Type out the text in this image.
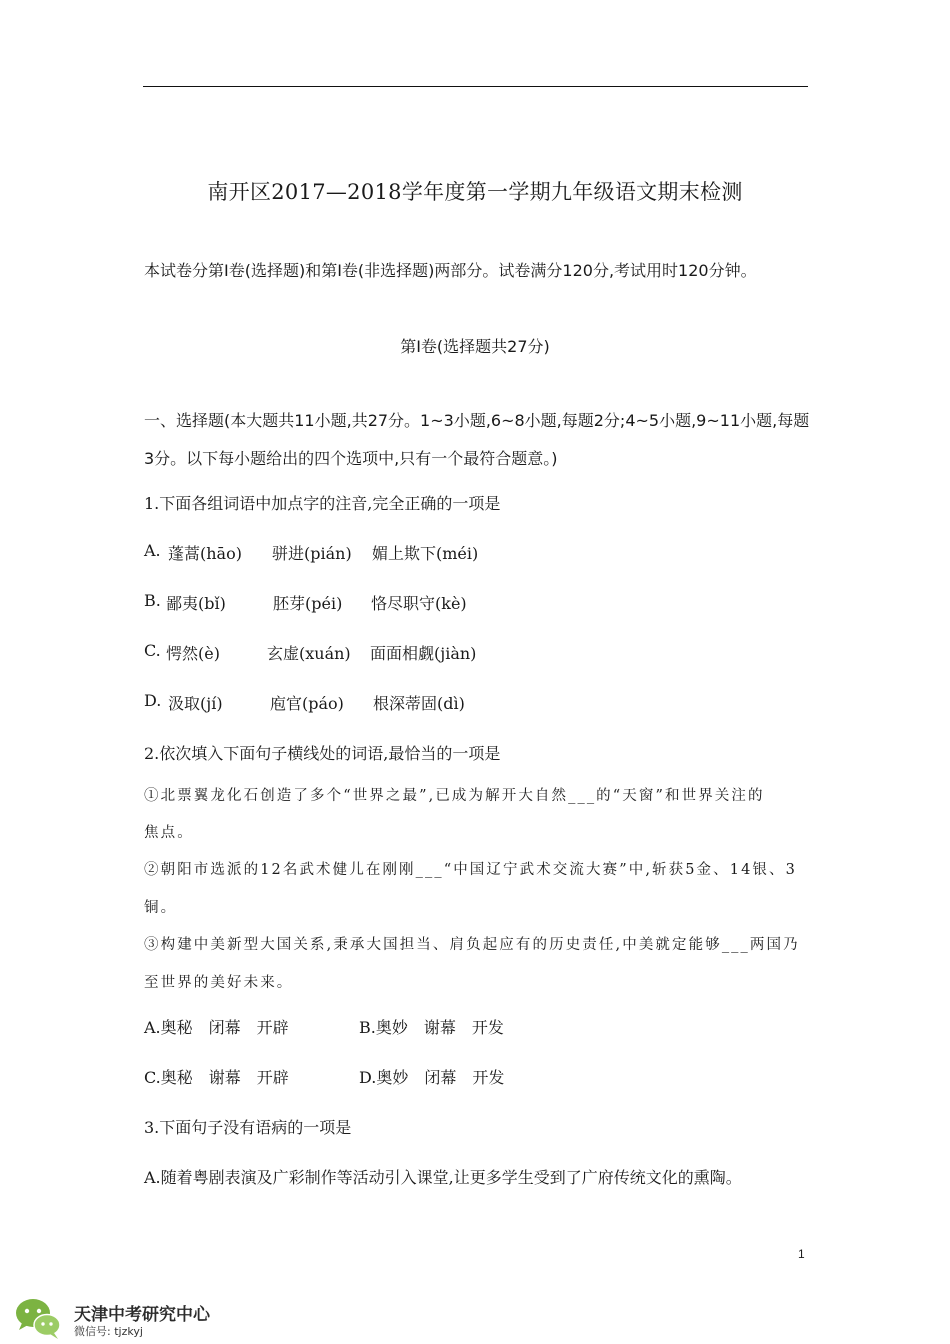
南开区2017—2018学年度第一学期九年级语文期末检测
本试卷分第Ⅰ卷(选择题)和第Ⅰ卷(非选择题)两部分。试卷满分120分,考试用时120分钟。
第Ⅰ卷(选择题共27分)
一、选择题(本大题共11小题,共27分。1~3小题,6~8小题,每题2分;4~5小题,9~11小题,每题
3分。以下每小题给出的四个选项中,只有一个最符合题意。)
1.下面各组词语中加点字的注音,完全正确的一项是
A. 蓬蒿(hāo) 骈进(pián) 媚上欺下(méi)
B. 鄙夷(bǐ)	胚芽(péi) 恪尽职守(kè)
C. 愕然(è)	玄虚(xuán) 面面相觑(jiàn)
D. 汲取(jí)	庖官(páo) 根深蒂固(dì)
2.依次填入下面句子横线处的词语,最恰当的一项是
①北票翼龙化石创造了多个“世界之最”,已成为解开大自然___的“天窗”和世界关注的
焦点。
②朝阳市选派的12名武术健儿在刚刚___“中国辽宁武术交流大赛”中,斩获5金、14银、3
铜。
③构建中美新型大国关系,秉承大国担当、肩负起应有的历史责任,中美就定能够___两国乃
至世界的美好未来。
A.奥秘　闭幕　开辟	B.奥妙　谢幕　开发
C.奥秘　谢幕　开辟	D.奥妙　闭幕　开发
3.下面句子没有语病的一项是
A.随着粤剧表演及广彩制作等活动引入课堂,让更多学生受到了广府传统文化的熏陶。
1
天津中考研究中心
微信号: tjzkyj
